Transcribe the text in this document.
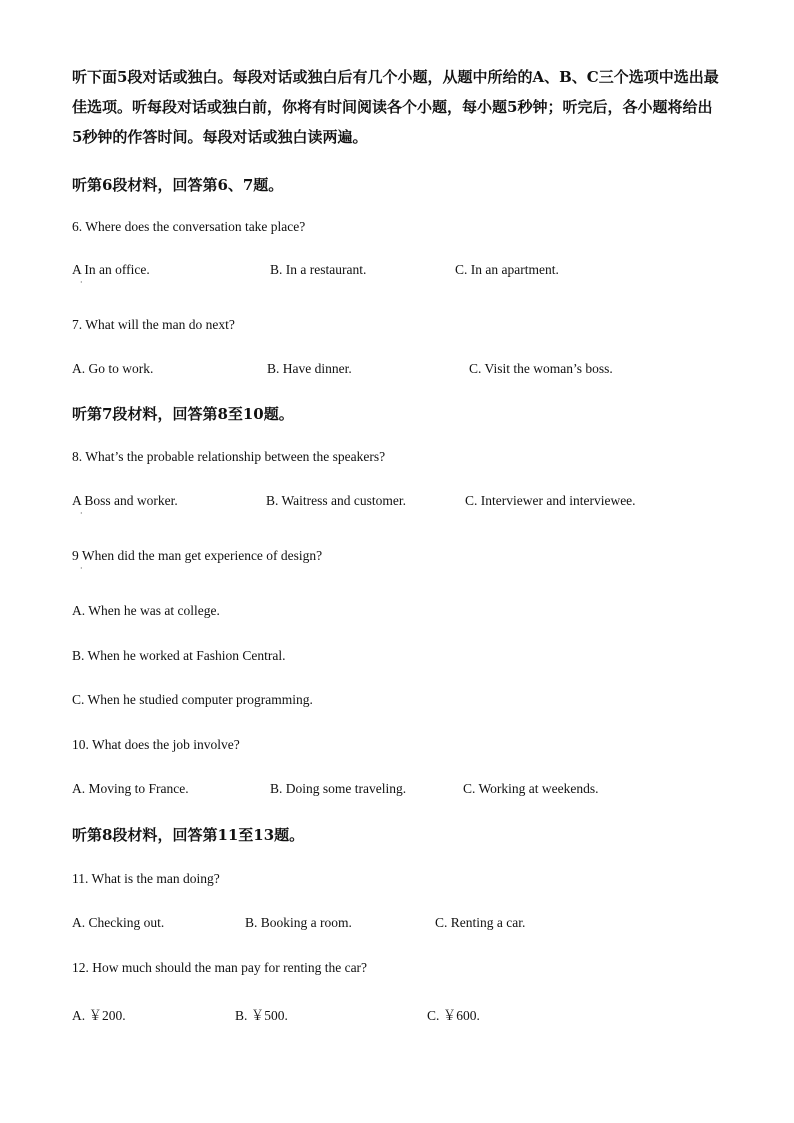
听下面5段对话或独白。每段对话或独白后有几个小题，从题中所给的A、B、C三个选项中选出最佳选项。听每段对话或独白前，你将有时间阅读各个小题，每小题5秒钟；听完后，各小题将给出5秒钟的作答时间。每段对话或独白读两遍。
听第6段材料，回答第6、7题。
6. Where does the conversation take place?
A In an office.	B. In a restaurant.	C. In an apartment.
·
7. What will the man do next?
A. Go to work.	B. Have dinner.	C. Visit the woman’s boss.
听第7段材料，回答第8至10题。
8. What’s the probable relationship between the speakers?
A Boss and worker.	B. Waitress and customer.	C. Interviewer and interviewee.
·
9 When did the man get experience of design?
·
A. When he was at college.
B. When he worked at Fashion Central.
C. When he studied computer programming.
10. What does the job involve?
A. Moving to France.	B. Doing some traveling.	C. Working at weekends.
听第8段材料，回答第11至13题。
11. What is the man doing?
A. Checking out.	B. Booking a room.	C. Renting a car.
12. How much should the man pay for renting the car?
A. ￥200.	B. ￥500.	C. ￥600.
